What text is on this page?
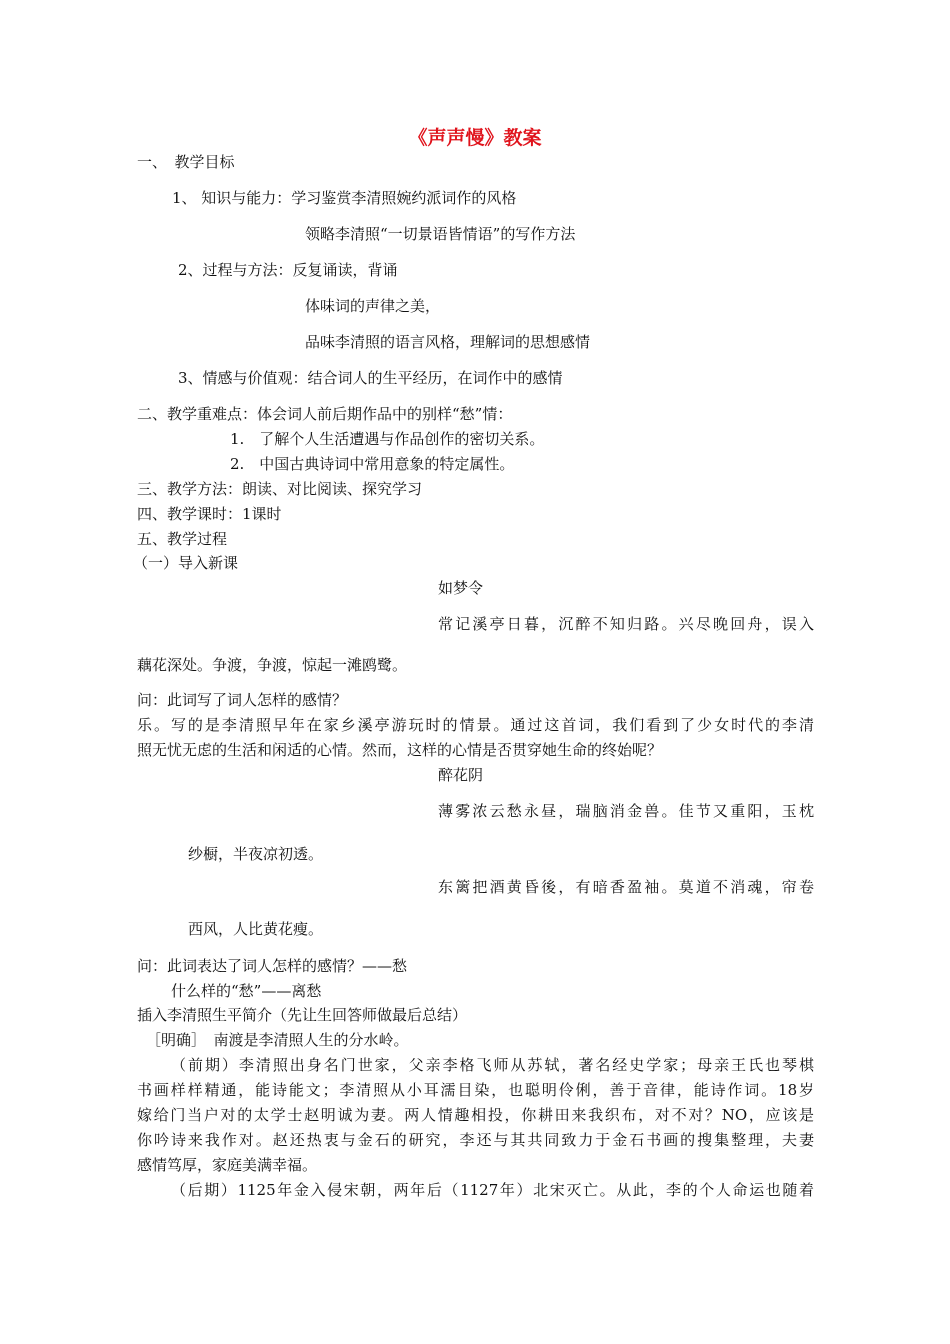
《声声慢》教案
一、　教学目标
1、 知识与能力：学习鉴赏李清照婉约派词作的风格
领略李清照“一切景语皆情语”的写作方法
2、过程与方法：反复诵读，背诵
体味词的声律之美，
品味李清照的语言风格，理解词的思想感情
3、情感与价值观：结合词人的生平经历，在词作中的感情
二、教学重难点：体会词人前后期作品中的别样“愁”情：
1.　了解个人生活遭遇与作品创作的密切关系。
2.　中国古典诗词中常用意象的特定属性。
三、教学方法：朗读、对比阅读、探究学习
四、教学课时：1课时
五、教学过程
（一）导入新课
如梦令
常记溪亭日暮，沉醉不知归路。兴尽晚回舟，误入
藕花深处。争渡，争渡，惊起一滩鸥鹭。
问：此词写了词人怎样的感情？
乐。写的是李清照早年在家乡溪亭游玩时的情景。通过这首词，我们看到了少女时代的李清
照无忧无虑的生活和闲适的心情。然而，这样的心情是否贯穿她生命的终始呢？
醉花阴
薄雾浓云愁永昼，瑞脑消金兽。佳节又重阳，玉枕
纱橱，半夜凉初透。
东篱把酒黄昏後，有暗香盈袖。莫道不消魂，帘卷
西风，人比黄花瘦。
问：此词表达了词人怎样的感情？——愁
什么样的“愁”——离愁
插入李清照生平简介（先让生回答师做最后总结）
［明确］　南渡是李清照人生的分水岭。
（前期）李清照出身名门世家，父亲李格飞师从苏轼，著名经史学家；母亲王氏也琴棋
书画样样精通，能诗能文；李清照从小耳濡目染，也聪明伶俐，善于音律，能诗作词。18岁
嫁给门当户对的太学士赵明诚为妻。两人情趣相投，你耕田来我织布，对不对？NO，应该是
你吟诗来我作对。赵还热衷与金石的研究，李还与其共同致力于金石书画的搜集整理，夫妻
感情笃厚，家庭美满幸福。
（后期）1125年金入侵宋朝，两年后（1127年）北宋灭亡。从此，李的个人命运也随着
